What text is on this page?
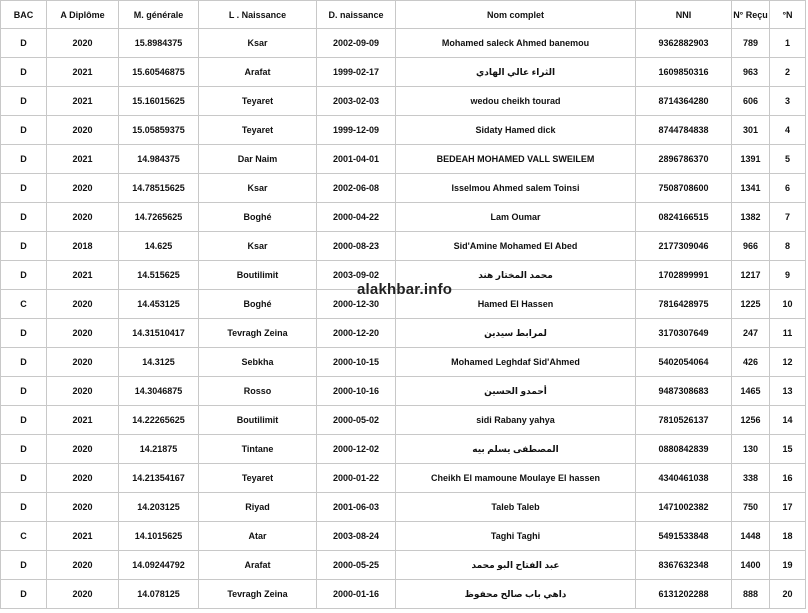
BAC	A Diplôme	M. générale	L . Naissance	D. naissance	Nom complet	NNI	N° Reçu	°N
D	2020	15.8984375	Ksar	2002-09-09	Mohamed saleck Ahmed banemou	9362882903	789	1
D	2021	15.60546875	Arafat	1999-02-17	الثراء عالي الهادي	1609850316	963	2
D	2021	15.16015625	Teyaret	2003-02-03	wedou cheikh tourad	8714364280	606	3
D	2020	15.05859375	Teyaret	1999-12-09	Sidaty Hamed dick	8744784838	301	4
D	2021	14.984375	Dar Naim	2001-04-01	BEDEAH MOHAMED VALL SWEILEM	2896786370	1391	5
D	2020	14.78515625	Ksar	2002-06-08	Isselmou Ahmed salem Toinsi	7508708600	1341	6
D	2020	14.7265625	Boghé	2000-04-22	Lam Oumar	0824166515	1382	7
D	2018	14.625	Ksar	2000-08-23	Sid'Amine Mohamed El Abed	2177309046	966	8
D	2021	14.515625	Boutilimit	2003-09-02	محمد المختار هند	1702899991	1217	9
C	2020	14.453125	Boghé	2000-12-30	Hamed El Hassen	7816428975	1225	10
D	2020	14.31510417	Tevragh Zeina	2000-12-20	لمرابط سيدين	3170307649	247	11
D	2020	14.3125	Sebkha	2000-10-15	Mohamed Leghdaf Sid'Ahmed	5402054064	426	12
D	2020	14.3046875	Rosso	2000-10-16	أحمدو الحسين	9487308683	1465	13
D	2021	14.22265625	Boutilimit	2000-05-02	sidi Rabany yahya	7810526137	1256	14
D	2020	14.21875	Tintane	2000-12-02	المصطفى يسلم بيه	0880842839	130	15
D	2020	14.21354167	Teyaret	2000-01-22	Cheikh El mamoune Moulaye El hassen	4340461038	338	16
D	2020	14.203125	Riyad	2001-06-03	Taleb Taleb	1471002382	750	17
C	2021	14.1015625	Atar	2003-08-24	Taghi Taghi	5491533848	1448	18
D	2020	14.09244792	Arafat	2000-05-25	عبد الفتاح البو محمد	8367632348	1400	19
D	2020	14.078125	Tevragh Zeina	2000-01-16	داهي باب صالح محفوظ	6131202288	888	20
alakhbar.info
